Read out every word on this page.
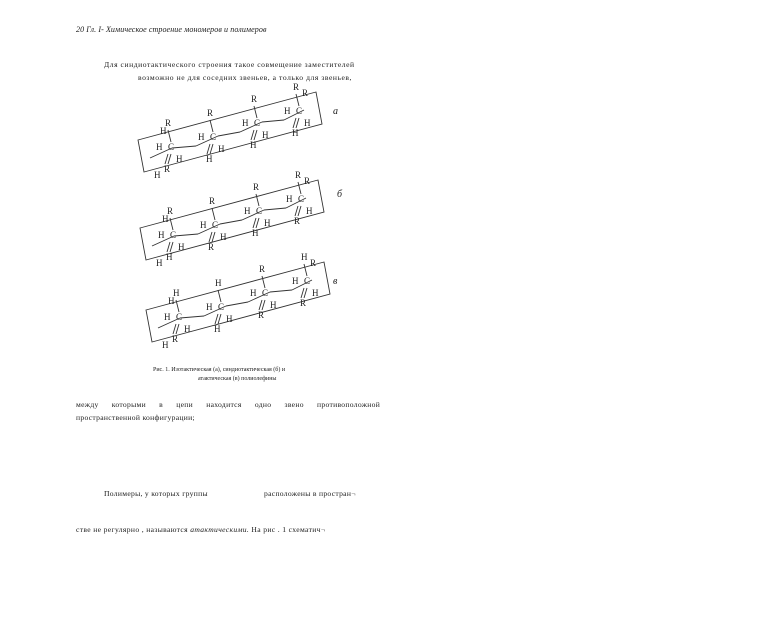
20 Гл. I- Химическое строение мономеров и полимеров
Для синдиотактического строения такое совмещение заместителей
возможно не для соседних звеньев, а только для звеньев,
C
H
R
R
H
C
H
R
H
H
C
H
R
H
H
C
H
R
H
H
H
H
R
а
C
H
R
H
H
C
H
R
R
H
C
H
R
H
H
C
H
R
R
H
H
H
R
б
C
H
H
R
H
C
H
H
H
H
C
H
R
R
H
C
H
H
R
H
H
H
R
в
Рис. 1. Изотактическая (а), синдиотактическая (б) и
атактическая (в) полиолефины
между которыми в цепи находится одно звено противоположной
пространственной конфигурации;
Полимеры, у которых группы	расположены в простран¬
стве не регулярно , называются атактическими. На рис . 1 схематич¬
